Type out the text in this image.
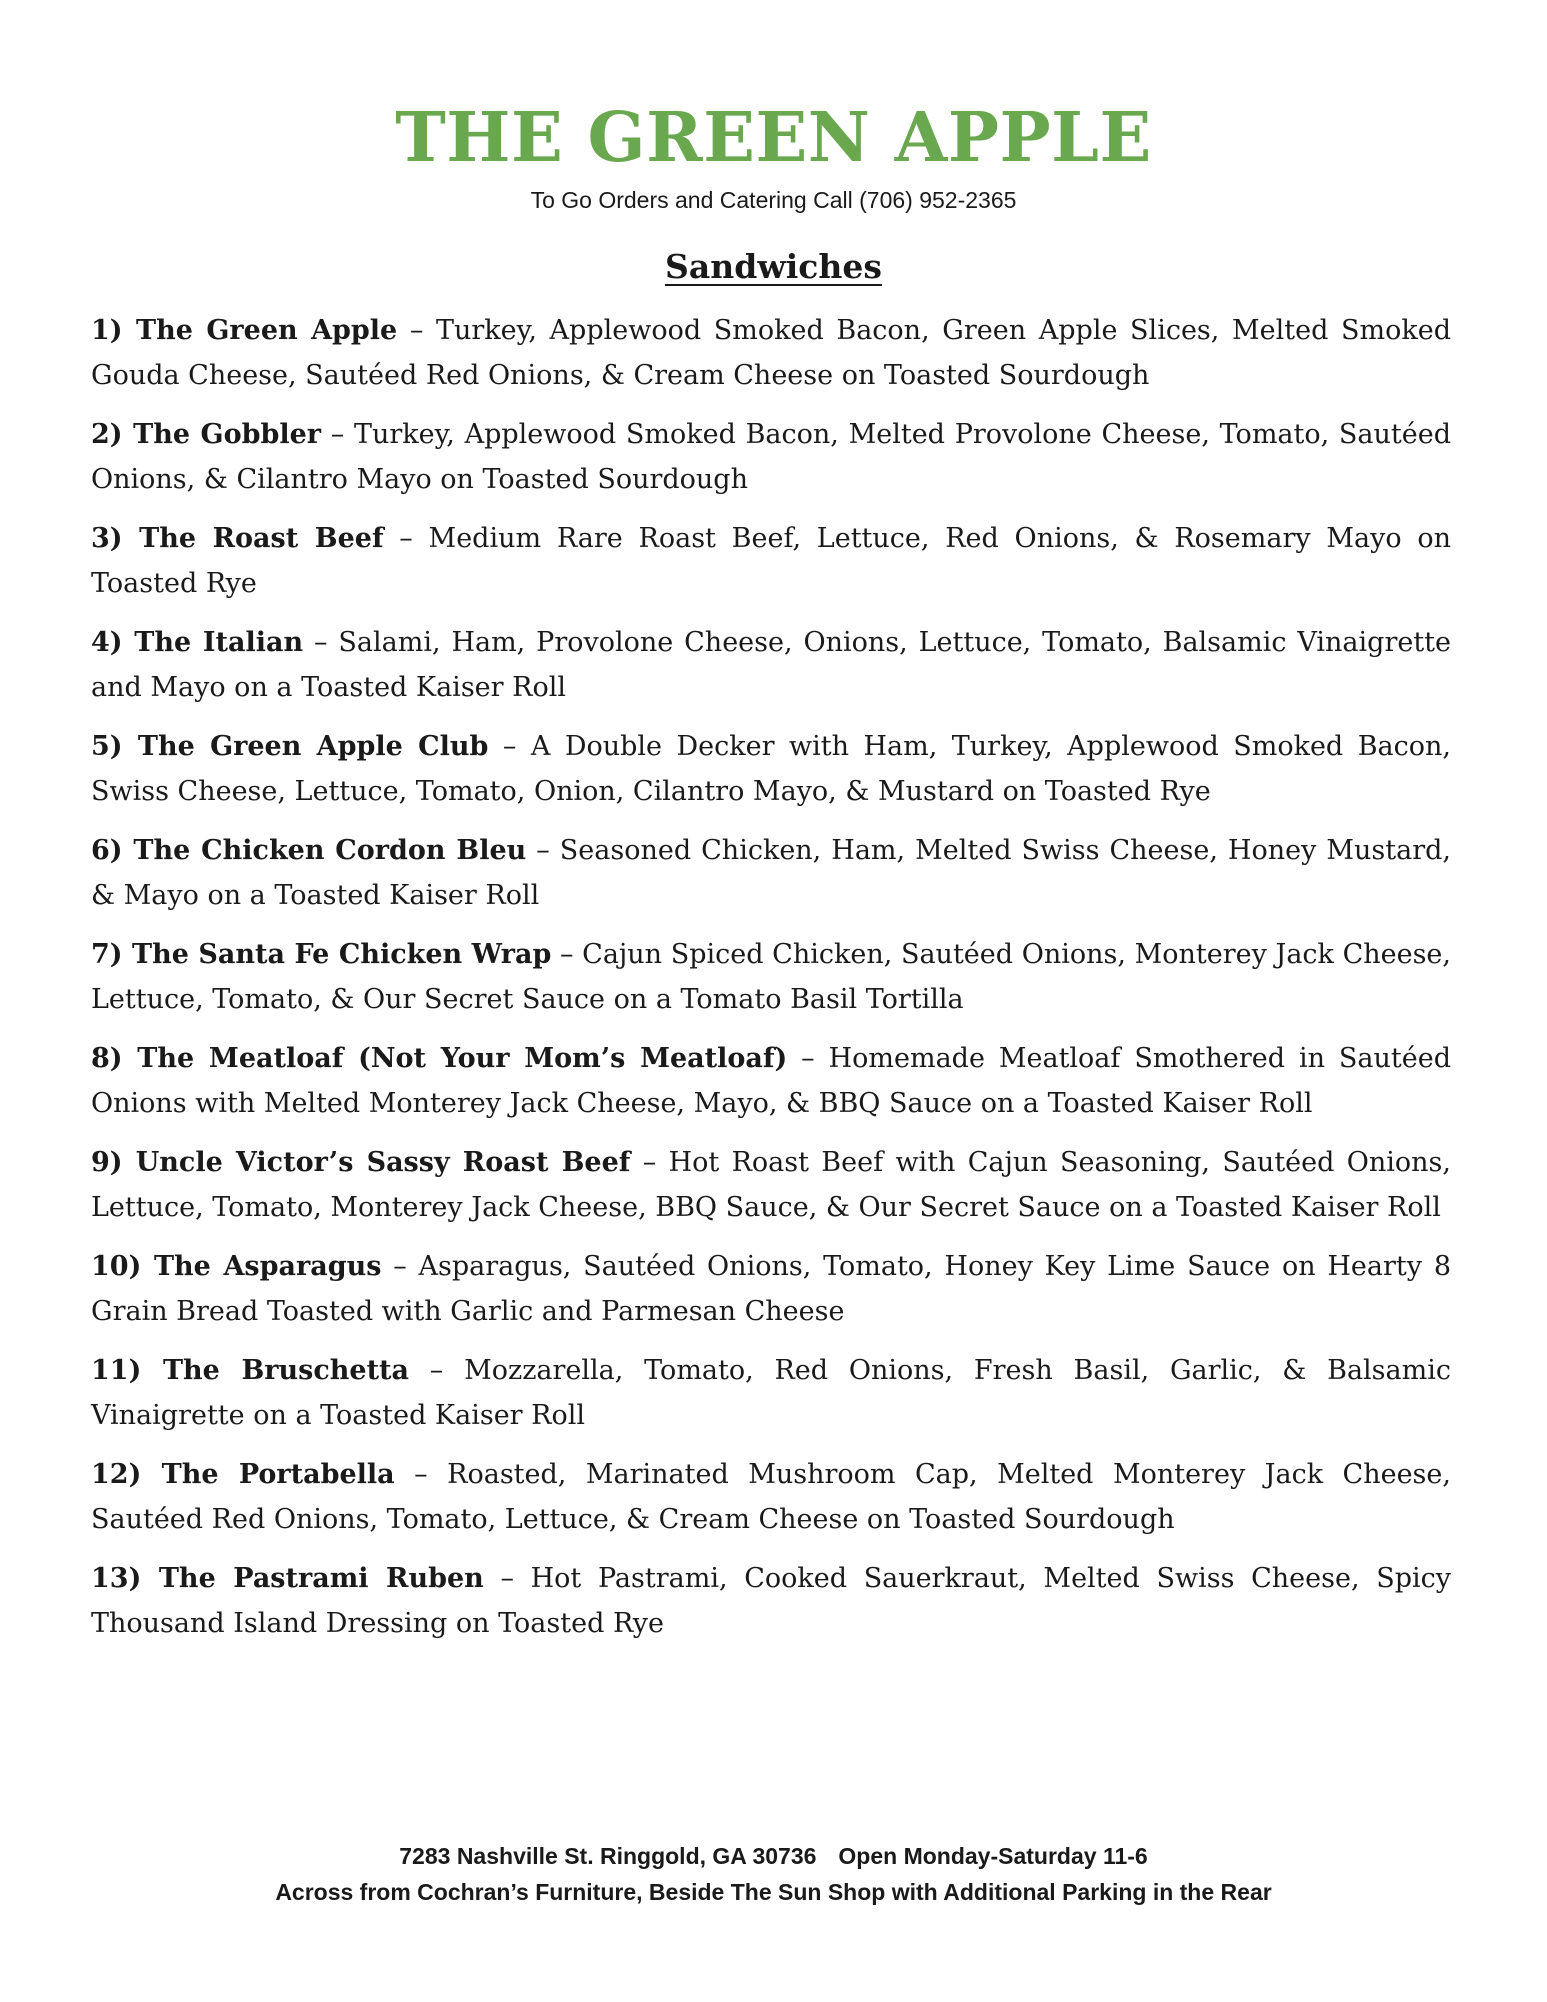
THE GREEN APPLE

To Go Orders and Catering Call (706) 952-2365

Sandwiches
1) The Green Apple – Turkey, Applewood Smoked Bacon, Green Apple Slices, Melted Smoked Gouda Cheese, Sautéed Red Onions, & Cream Cheese on Toasted Sourdough
2) The Gobbler – Turkey, Applewood Smoked Bacon, Melted Provolone Cheese, Tomato, Sautéed Onions, & Cilantro Mayo on Toasted Sourdough
3) The Roast Beef – Medium Rare Roast Beef, Lettuce, Red Onions, & Rosemary Mayo on Toasted Rye
4) The Italian – Salami, Ham, Provolone Cheese, Onions, Lettuce, Tomato, Balsamic Vinaigrette and Mayo on a Toasted Kaiser Roll
5) The Green Apple Club – A Double Decker with Ham, Turkey, Applewood Smoked Bacon, Swiss Cheese, Lettuce, Tomato, Onion, Cilantro Mayo, & Mustard on Toasted Rye
6) The Chicken Cordon Bleu – Seasoned Chicken, Ham, Melted Swiss Cheese, Honey Mustard, & Mayo on a Toasted Kaiser Roll
7) The Santa Fe Chicken Wrap – Cajun Spiced Chicken, Sautéed Onions, Monterey Jack Cheese, Lettuce, Tomato, & Our Secret Sauce on a Tomato Basil Tortilla
8) The Meatloaf (Not Your Mom’s Meatloaf) – Homemade Meatloaf Smothered in Sautéed Onions with Melted Monterey Jack Cheese, Mayo, & BBQ Sauce on a Toasted Kaiser Roll
9) Uncle Victor’s Sassy Roast Beef – Hot Roast Beef with Cajun Seasoning, Sautéed Onions, Lettuce, Tomato, Monterey Jack Cheese, BBQ Sauce, & Our Secret Sauce on a Toasted Kaiser Roll
10) The Asparagus – Asparagus, Sautéed Onions, Tomato, Honey Key Lime Sauce on Hearty 8 Grain Bread Toasted with Garlic and Parmesan Cheese
11) The Bruschetta – Mozzarella, Tomato, Red Onions, Fresh Basil, Garlic, & Balsamic Vinaigrette on a Toasted Kaiser Roll
12) The Portabella – Roasted, Marinated Mushroom Cap, Melted Monterey Jack Cheese, Sautéed Red Onions, Tomato, Lettuce, & Cream Cheese on Toasted Sourdough
13) The Pastrami Ruben – Hot Pastrami, Cooked Sauerkraut, Melted Swiss Cheese, Spicy Thousand Island Dressing on Toasted Rye

7283 Nashville St. Ringgold, GA 30736 Open Monday-Saturday 11-6

Across from Cochran’s Furniture, Beside The Sun Shop with Additional Parking in the Rear
